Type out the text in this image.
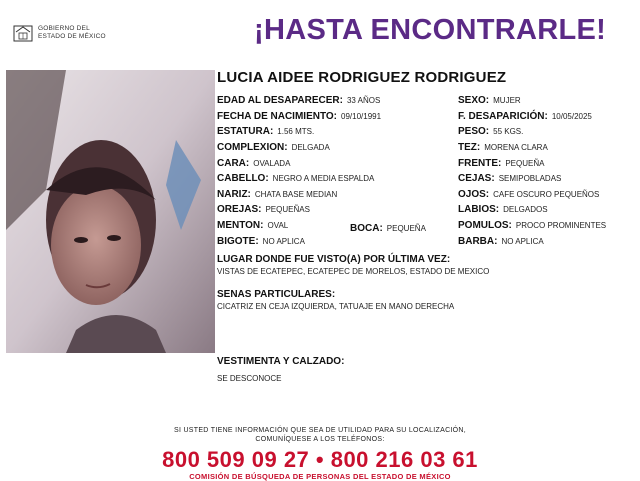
GOBIERNO DEL
ESTADO DE MÉXICO	¡HASTA ENCONTRARLE!
LUCIA AIDEE RODRIGUEZ RODRIGUEZ
EDAD AL DESAPARECER: 33 AÑOS
FECHA DE NACIMIENTO: 09/10/1991
ESTATURA: 1.56 MTS.
COMPLEXION: DELGADA
CARA: OVALADA
CABELLO: NEGRO A MEDIA ESPALDA
NARIZ: CHATA BASE MEDIAN
OREJAS: PEQUEÑAS
MENTON: OVAL
BIGOTE: NO APLICA
BOCA: PEQUEÑA
SEXO: MUJER
F. DESAPARICIÓN: 10/05/2025
PESO: 55 KGS.
TEZ: MORENA CLARA
FRENTE: PEQUEÑA
CEJAS: SEMIPOBLADAS
OJOS: CAFE OSCURO PEQUEÑOS
LABIOS: DELGADOS
POMULOS: PROCO PROMINENTES
BARBA: NO APLICA
LUGAR DONDE FUE VISTO(A) POR ÚLTIMA VEZ:
VISTAS DE ECATEPEC, ECATEPEC DE MORELOS, ESTADO DE MEXICO
SENAS PARTICULARES:
CICATRIZ EN CEJA IZQUIERDA, TATUAJE EN MANO DERECHA
VESTIMENTA Y CALZADO:
SE DESCONOCE
SI USTED TIENE INFORMACIÓN QUE SEA DE UTILIDAD PARA SU LOCALIZACIÓN,
COMUNÍQUESE A LOS TELÉFONOS:
800 509 09 27 • 800 216 03 61
COMISIÓN DE BÚSQUEDA DE PERSONAS DEL ESTADO DE MÉXICO
